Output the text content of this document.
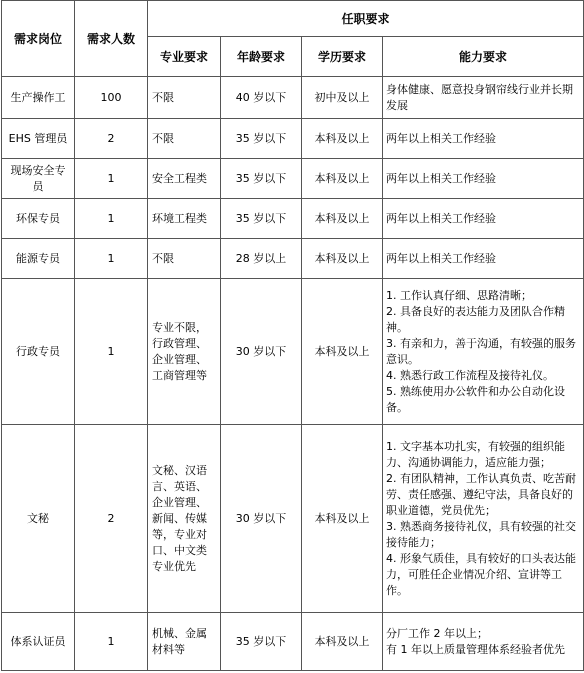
需求岗位	需求人数	任职要求			
		专业要求	年龄要求	学历要求	能力要求
生产操作工	100	不限	40 岁以下	初中及以上	身体健康、愿意投身钢帘线行业并长期发展

EHS 管理员	2	不限	35 岁以下	本科及以上	两年以上相关工作经验

现场安全专员	1	安全工程类	35 岁以下	本科及以上	两年以上相关工作经验

环保专员	1	环境工程类	35 岁以下	本科及以上	两年以上相关工作经验

能源专员	1	不限	28 岁以上	本科及以上	两年以上相关工作经验

行政专员	1	专业不限，行政管理、企业管理、工商管理等	30 岁以下	本科及以上	1. 工作认真仔细、思路清晰；
2. 具备良好的表达能力及团队合作精神。
3. 有亲和力，善于沟通，有较强的服务意识。
4. 熟悉行政工作流程及接待礼仪。
5. 熟练使用办公软件和办公自动化设备。

文秘	2	文秘、汉语言、英语、企业管理、新闻、传媒等，专业对口、中文类专业优先	30 岁以下	本科及以上	1. 文字基本功扎实，有较强的组织能力、沟通协调能力，适应能力强；
2. 有团队精神，工作认真负责、吃苦耐劳、责任感强、遵纪守法，具备良好的职业道德，党员优先；
3. 熟悉商务接待礼仪，具有较强的社交接待能力；
4. 形象气质佳，具有较好的口头表达能力，可胜任企业情况介绍、宣讲等工作。

体系认证员	1	机械、金属材料等	35 岁以下	本科及以上	分厂工作 2 年以上；
有 1 年以上质量管理体系经验者优先
